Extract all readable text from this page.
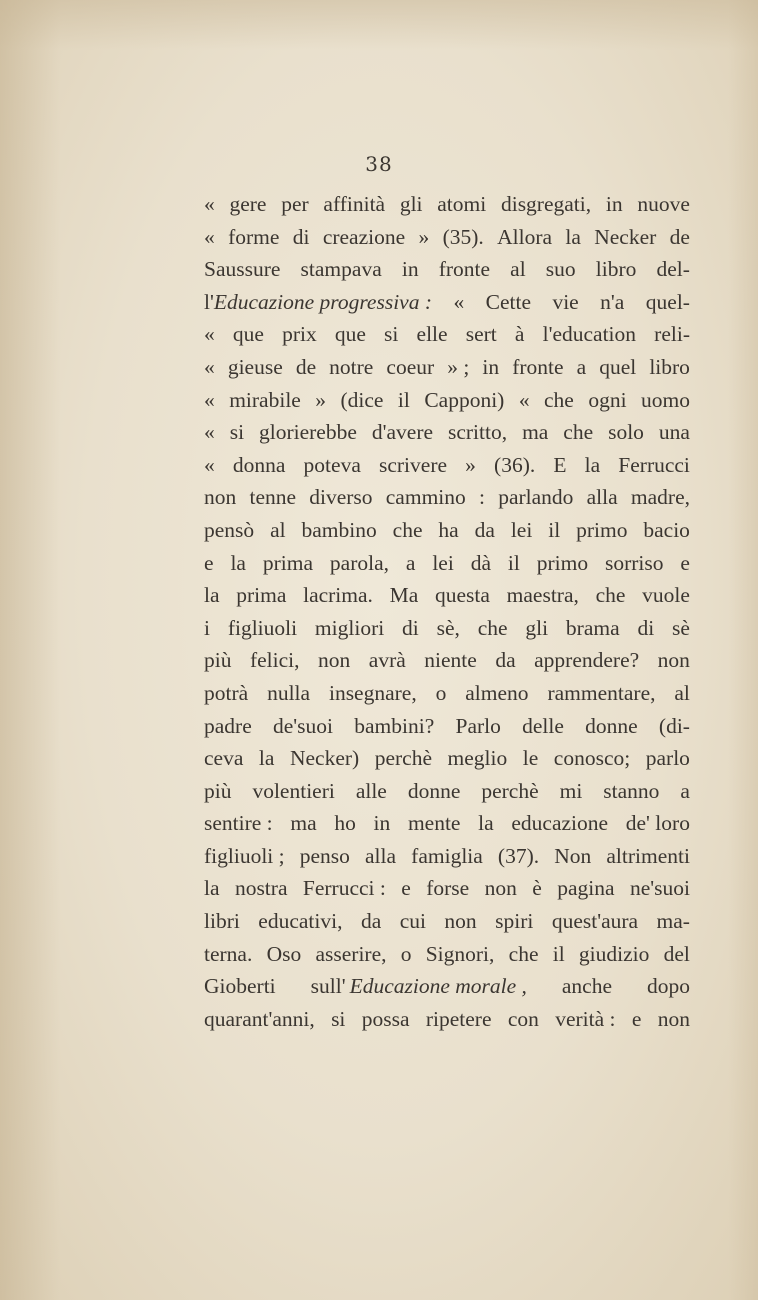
38
« gere per affinità gli atomi disgregati, in nuove
« forme di creazione » (35). Allora la Necker de
Saussure stampava in fronte al suo libro del-
l'Educazione progressiva : « Cette vie n'a quel-
« que prix que si elle sert à l'education reli-
« gieuse de notre coeur » ; in fronte a quel libro
« mirabile » (dice il Capponi) « che ogni uomo
« si glorierebbe d'avere scritto, ma che solo una
« donna poteva scrivere » (36). E la Ferrucci
non tenne diverso cammino : parlando alla madre,
pensò al bambino che ha da lei il primo bacio
e la prima parola, a lei dà il primo sorriso e
la prima lacrima. Ma questa maestra, che vuole
i figliuoli migliori di sè, che gli brama di sè
più felici, non avrà niente da apprendere? non
potrà nulla insegnare, o almeno rammentare, al
padre de'suoi bambini? Parlo delle donne (di-
ceva la Necker) perchè meglio le conosco; parlo
più volentieri alle donne perchè mi stanno a
sentire : ma ho in mente la educazione de' loro
figliuoli ; penso alla famiglia (37). Non altrimenti
la nostra Ferrucci : e forse non è pagina ne'suoi
libri educativi, da cui non spiri quest'aura ma-
terna. Oso asserire, o Signori, che il giudizio del
Gioberti sull' Educazione morale , anche dopo
quarant'anni, si possa ripetere con verità : e non
